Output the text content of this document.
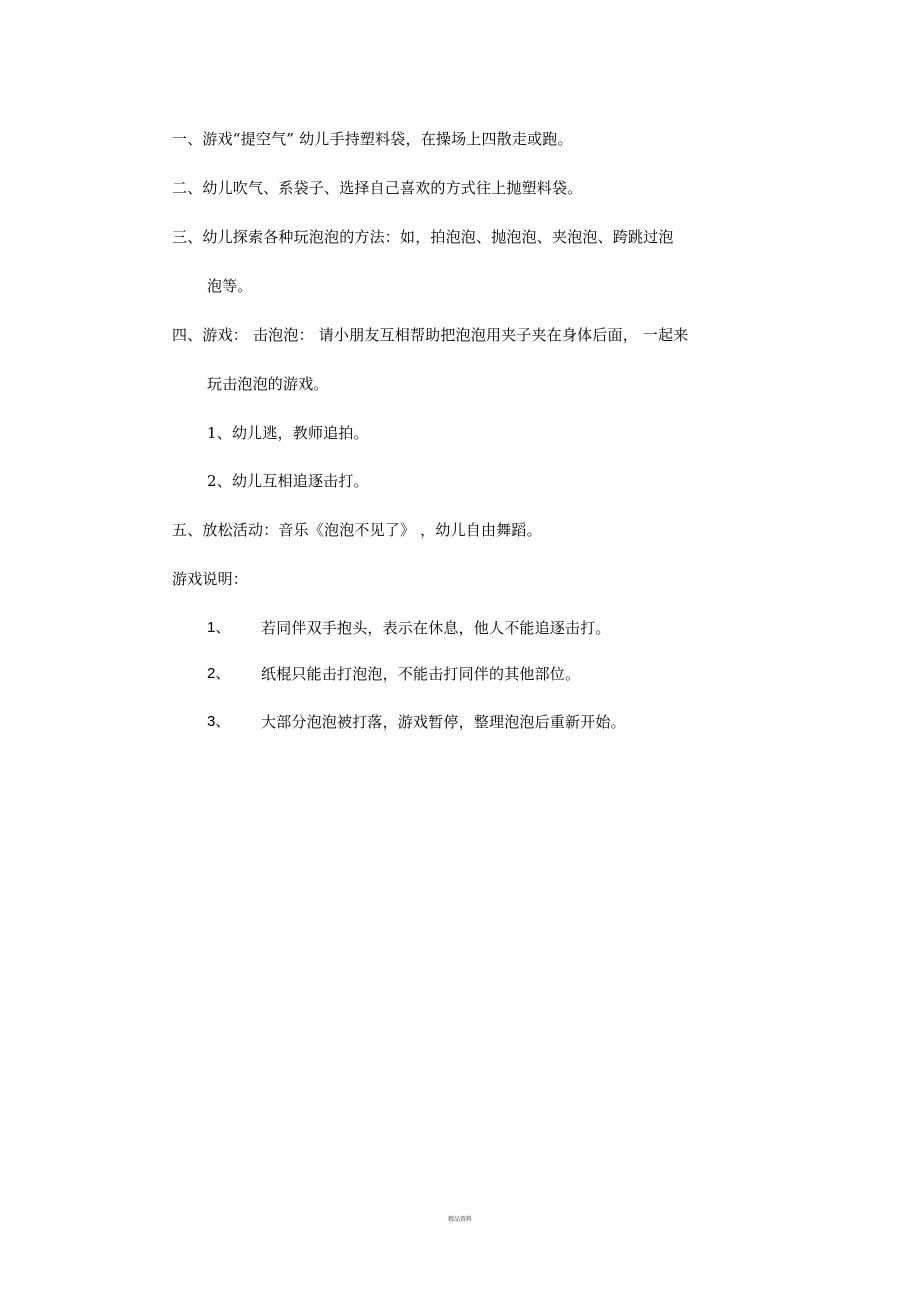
一、游戏“提空气” 幼儿手持塑料袋，在操场上四散走或跑。
二、幼儿吹气、系袋子、选择自己喜欢的方式往上抛塑料袋。
三、幼儿探索各种玩泡泡的方法：如，拍泡泡、抛泡泡、夹泡泡、跨跳过泡
泡等。
四、游戏： 击泡泡： 请小朋友互相帮助把泡泡用夹子夹在身体后面， 一起来
玩击泡泡的游戏。
1、幼儿逃，教师追拍。
2、幼儿互相追逐击打。
五、放松活动：音乐《泡泡不见了》 ，幼儿自由舞蹈。
游戏说明：
1、 若同伴双手抱头，表示在休息，他人不能追逐击打。
2、 纸棍只能击打泡泡，不能击打同伴的其他部位。
3、 大部分泡泡被打落，游戏暂停，整理泡泡后重新开始。
精品资料
